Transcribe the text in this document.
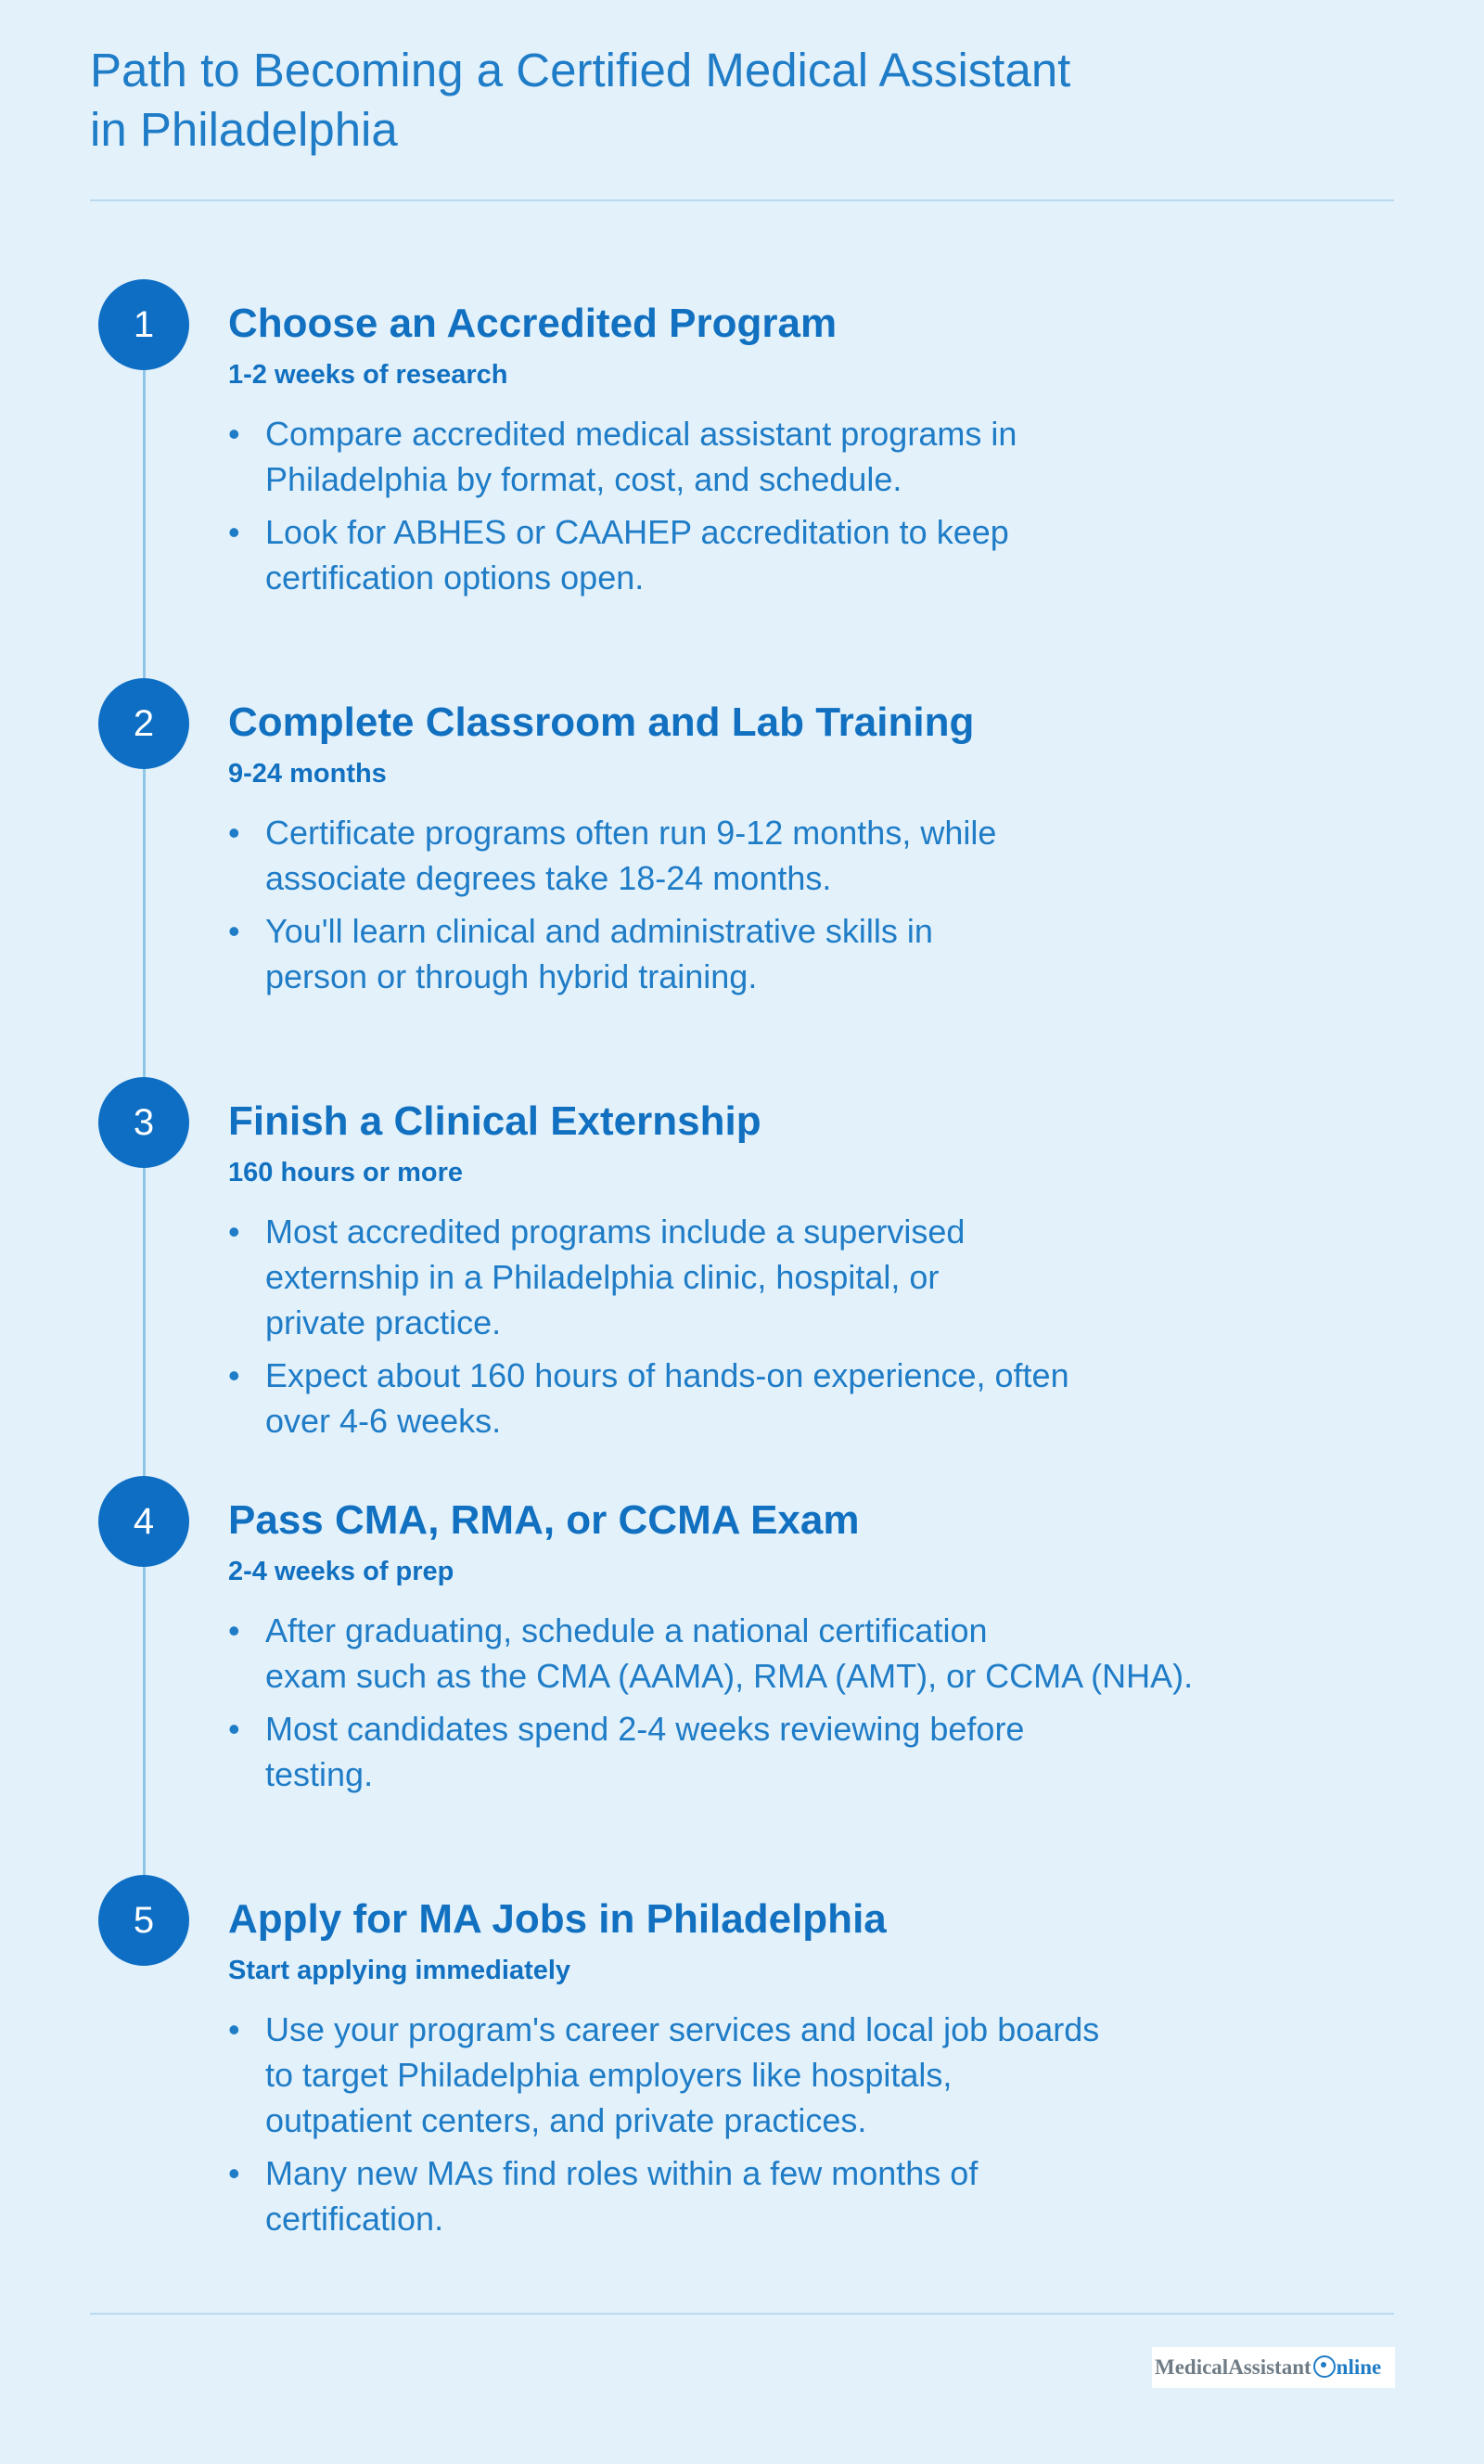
Path to Becoming a Certified Medical Assistant
in Philadelphia
1	Choose an Accredited Program
1-2 weeks of research
• Compare accredited medical assistant programs in
Philadelphia by format, cost, and schedule.
• Look for ABHES or CAAHEP accreditation to keep
certification options open.
2	Complete Classroom and Lab Training
9-24 months
• Certificate programs often run 9-12 months, while
associate degrees take 18-24 months.
• You'll learn clinical and administrative skills in
person or through hybrid training.
3	Finish a Clinical Externship
160 hours or more
• Most accredited programs include a supervised
externship in a Philadelphia clinic, hospital, or
private practice.
• Expect about 160 hours of hands-on experience, often
over 4-6 weeks.
4	Pass CMA, RMA, or CCMA Exam
2-4 weeks of prep
• After graduating, schedule a national certification
exam such as the CMA (AAMA), RMA (AMT), or CCMA (NHA).
• Most candidates spend 2-4 weeks reviewing before
testing.
5	Apply for MA Jobs in Philadelphia
Start applying immediately
• Use your program's career services and local job boards
to target Philadelphia employers like hospitals,
outpatient centers, and private practices.
• Many new MAs find roles within a few months of
certification.
MedicalAssistant nline
